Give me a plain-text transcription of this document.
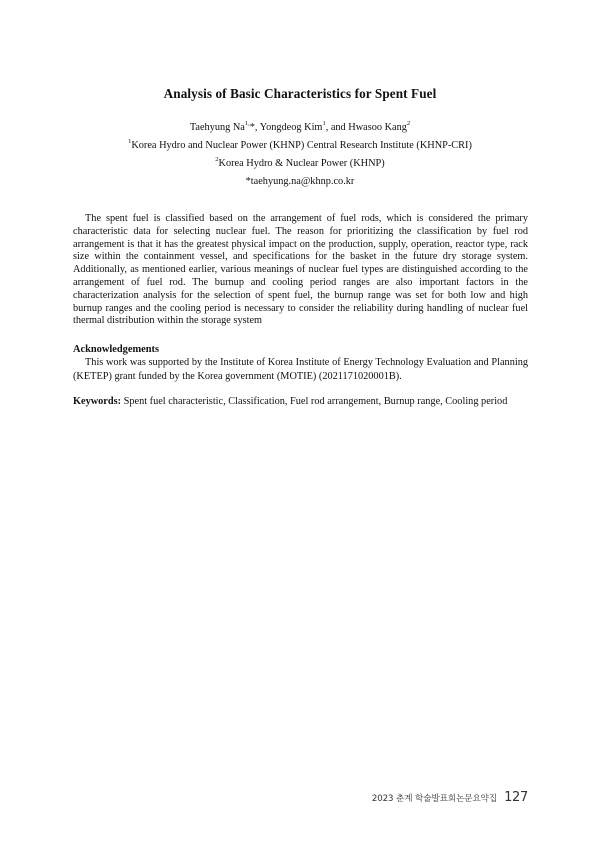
Analysis of Basic Characteristics for Spent Fuel
Taehyung $Na^{1,}*$, Yongdeog Kim$^1$, and Hwasoo Kang$^2$
$^1$Korea Hydro and Nuclear Power (KHNP) Central Research Institute (KHNP-CRI)
$^2$Korea Hydro & Nuclear Power (KHNP)
*taehyung.na@khnp.co.kr

The spent fuel is classified based on the arrangement of fuel rods, which is considered the primary characteristic data for selecting nuclear fuel. The reason for prioritizing the classification by fuel rod arrangement is that it has the greatest physical impact on the production, supply, operation, reactor type, rack size within the containment vessel, and specifications for the basket in the future dry storage system. Additionally, as mentioned earlier, various meanings of nuclear fuel types are distinguished according to the arrangement of fuel rod. The burnup and cooling period ranges are also important factors in the characterization analysis for the selection of spent fuel, the burnup range was set for both low and high burnup ranges and the cooling period is necessary to consider the reliability during handling of nuclear fuel thermal distribution within the storage system

Acknowledgements

This work was supported by the Institute of Korea Institute of Energy Technology Evaluation and Planning (KETEP) grant funded by the Korea government (MOTIE) (2021171020001B).

Keywords: Spent fuel characteristic, Classification, Fuel rod arrangement, Burnup range, Cooling period
2023 춘계 학술발표회논문요약집 127
